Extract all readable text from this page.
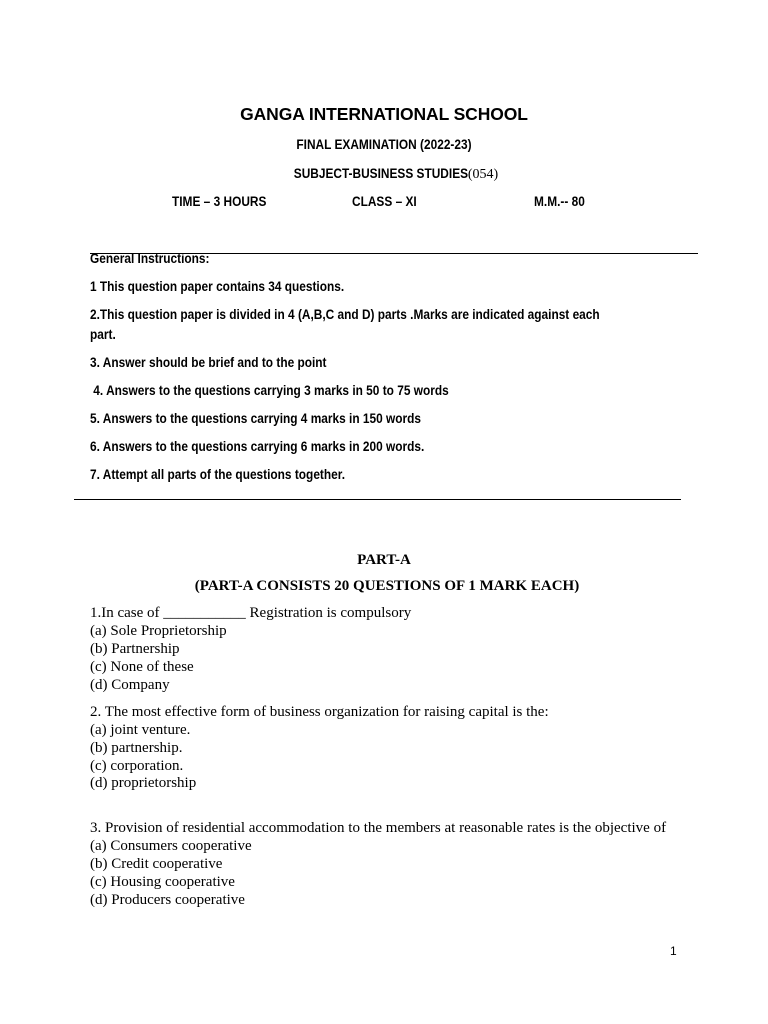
GANGA INTERNATIONAL SCHOOL
FINAL EXAMINATION (2022-23)
SUBJECT-BUSINESS STUDIES(054)
TIME – 3 HOURS	CLASS – XI	M.M.-- 80
General Instructions:
1 This question paper contains 34 questions.
2.This question paper is divided in 4 (A,B,C and D) parts .Marks are indicated against each
part.
3. Answer should be brief and to the point
4. Answers to the questions carrying 3 marks in 50 to 75 words
5. Answers to the questions carrying 4 marks in 150 words
6. Answers to the questions carrying 6 marks in 200 words.
7. Attempt all parts of the questions together.
PART-A
(PART-A CONSISTS 20 QUESTIONS OF 1 MARK EACH)
1.In case of ___________ Registration is compulsory
(a) Sole Proprietorship
(b) Partnership
(c) None of these
(d) Company
2. The most effective form of business organization for raising capital is the:
(a) joint venture.
(b) partnership.
(c) corporation.
(d) proprietorship
3. Provision of residential accommodation to the members at reasonable rates is the objective of
(a) Consumers cooperative
(b) Credit cooperative
(c) Housing cooperative
(d) Producers cooperative
1
